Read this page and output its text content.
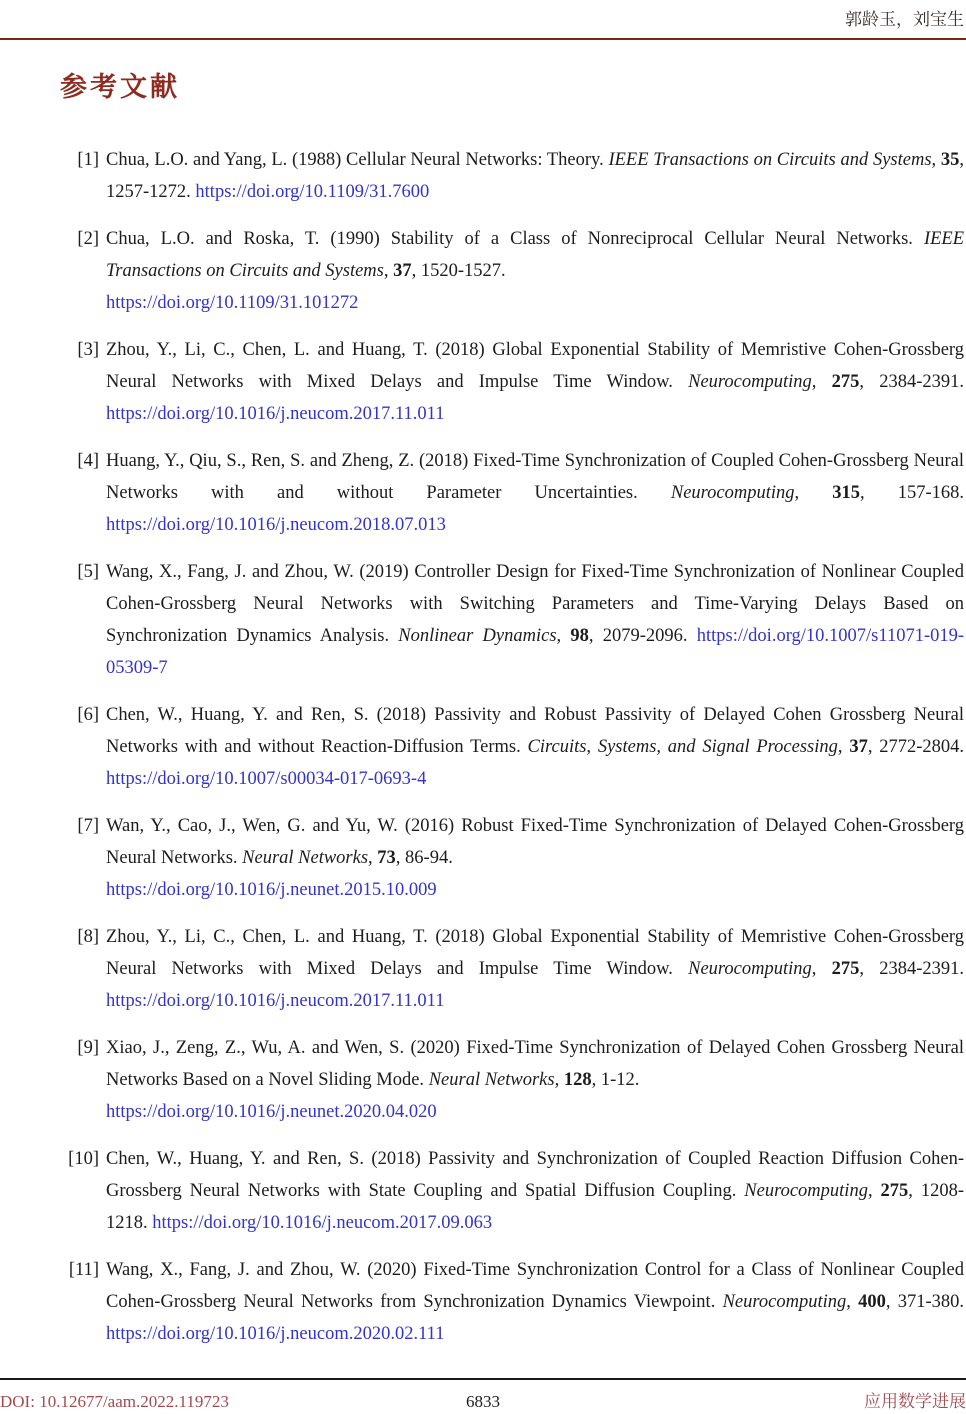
郭龄玉，刘宝生
参考文献
[1] Chua, L.O. and Yang, L. (1988) Cellular Neural Networks: Theory. IEEE Transactions on Circuits and Systems, 35, 1257-1272. https://doi.org/10.1109/31.7600
[2] Chua, L.O. and Roska, T. (1990) Stability of a Class of Nonreciprocal Cellular Neural Networks. IEEE Transactions on Circuits and Systems, 37, 1520-1527.
https://doi.org/10.1109/31.101272
[3] Zhou, Y., Li, C., Chen, L. and Huang, T. (2018) Global Exponential Stability of Memristive Cohen-Grossberg Neural Networks with Mixed Delays and Impulse Time Window. Neurocomputing, 275, 2384-2391. https://doi.org/10.1016/j.neucom.2017.11.011
[4] Huang, Y., Qiu, S., Ren, S. and Zheng, Z. (2018) Fixed-Time Synchronization of Coupled Cohen-Grossberg Neural Networks with and without Parameter Uncertainties. Neurocomputing, 315, 157-168. https://doi.org/10.1016/j.neucom.2018.07.013
[5] Wang, X., Fang, J. and Zhou, W. (2019) Controller Design for Fixed-Time Synchronization of Nonlinear Coupled Cohen-Grossberg Neural Networks with Switching Parameters and Time-Varying Delays Based on Synchronization Dynamics Analysis. Nonlinear Dynamics, 98, 2079-2096. https://doi.org/10.1007/s11071-019-05309-7
[6] Chen, W., Huang, Y. and Ren, S. (2018) Passivity and Robust Passivity of Delayed Cohen Grossberg Neural Networks with and without Reaction-Diffusion Terms. Circuits, Systems, and Signal Processing, 37, 2772-2804. https://doi.org/10.1007/s00034-017-0693-4
[7] Wan, Y., Cao, J., Wen, G. and Yu, W. (2016) Robust Fixed-Time Synchronization of Delayed Cohen-Grossberg Neural Networks. Neural Networks, 73, 86-94.
https://doi.org/10.1016/j.neunet.2015.10.009
[8] Zhou, Y., Li, C., Chen, L. and Huang, T. (2018) Global Exponential Stability of Memristive Cohen-Grossberg Neural Networks with Mixed Delays and Impulse Time Window. Neurocomputing, 275, 2384-2391. https://doi.org/10.1016/j.neucom.2017.11.011
[9] Xiao, J., Zeng, Z., Wu, A. and Wen, S. (2020) Fixed-Time Synchronization of Delayed Cohen Grossberg Neural Networks Based on a Novel Sliding Mode. Neural Networks, 128, 1-12.
https://doi.org/10.1016/j.neunet.2020.04.020
[10] Chen, W., Huang, Y. and Ren, S. (2018) Passivity and Synchronization of Coupled Reaction Diffusion Cohen-Grossberg Neural Networks with State Coupling and Spatial Diffusion Coupling. Neurocomputing, 275, 1208-1218. https://doi.org/10.1016/j.neucom.2017.09.063
[11] Wang, X., Fang, J. and Zhou, W. (2020) Fixed-Time Synchronization Control for a Class of Nonlinear Coupled Cohen-Grossberg Neural Networks from Synchronization Dynamics Viewpoint. Neurocomputing, 400, 371-380. https://doi.org/10.1016/j.neucom.2020.02.111
DOI: 10.12677/aam.2022.119723	6833	应用数学进展
